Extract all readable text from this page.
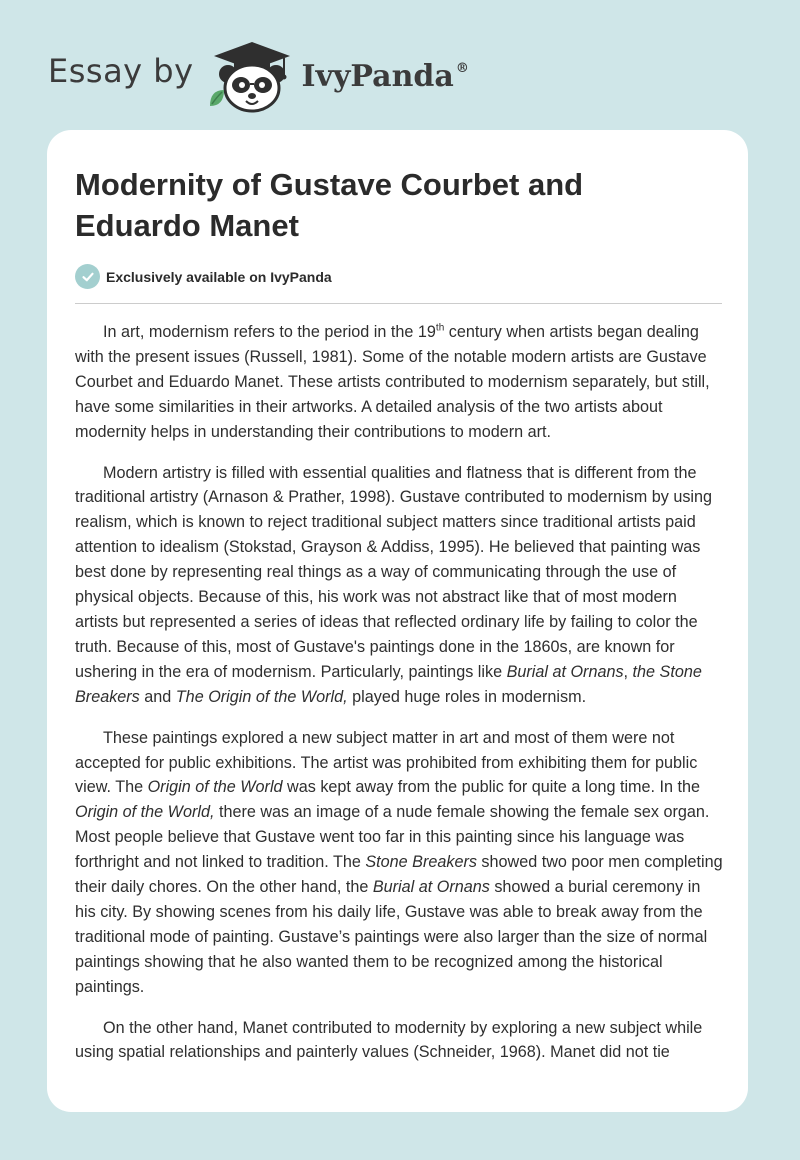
Essay by	IvyPanda ®
Modernity of Gustave Courbet and Eduardo Manet
Exclusively available on IvyPanda

In art, modernism refers to the period in the 19th century when artists began dealing with the present issues (Russell, 1981). Some of the notable modern artists are Gustave Courbet and Eduardo Manet. These artists contributed to modernism separately, but still, have some similarities in their artworks. A detailed analysis of the two artists about modernity helps in understanding their contributions to modern art.

Modern artistry is filled with essential qualities and flatness that is different from the traditional artistry (Arnason & Prather, 1998). Gustave contributed to modernism by using realism, which is known to reject traditional subject matters since traditional artists paid attention to idealism (Stokstad, Grayson & Addiss, 1995). He believed that painting was best done by representing real things as a way of communicating through the use of physical objects. Because of this, his work was not abstract like that of most modern artists but represented a series of ideas that reflected ordinary life by failing to color the truth. Because of this, most of Gustave's paintings done in the 1860s, are known for ushering in the era of modernism. Particularly, paintings like Burial at Ornans, the Stone Breakers and The Origin of the World, played huge roles in modernism.

These paintings explored a new subject matter in art and most of them were not accepted for public exhibitions. The artist was prohibited from exhibiting them for public view. The Origin of the World was kept away from the public for quite a long time. In the Origin of the World, there was an image of a nude female showing the female sex organ. Most people believe that Gustave went too far in this painting since his language was forthright and not linked to tradition. The Stone Breakers showed two poor men completing their daily chores. On the other hand, the Burial at Ornans showed a burial ceremony in his city. By showing scenes from his daily life, Gustave was able to break away from the traditional mode of painting. Gustave’s paintings were also larger than the size of normal paintings showing that he also wanted them to be recognized among the historical paintings.

On the other hand, Manet contributed to modernity by exploring a new subject while using spatial relationships and painterly values (Schneider, 1968). Manet did not tie
